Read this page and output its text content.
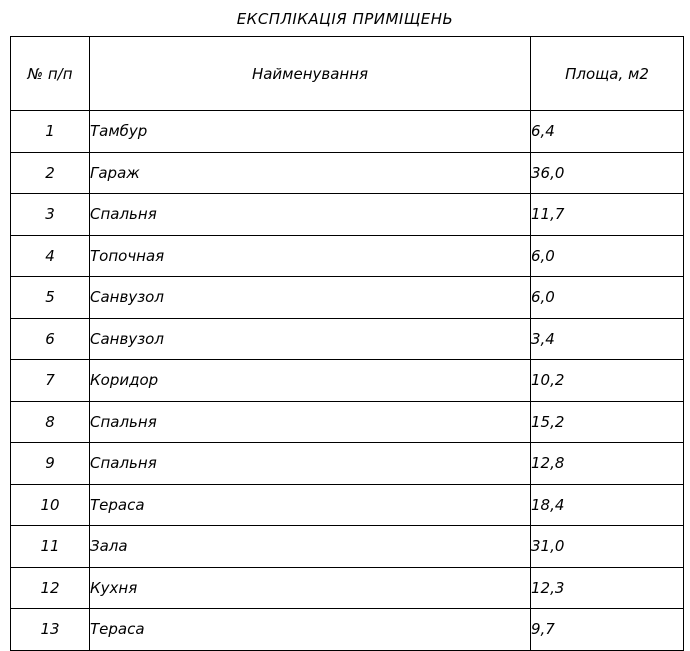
ЕКСПЛІКАЦІЯ ПРИМІЩЕНЬ
№ п/п	Найменування	Площа, м2
1	Тамбур	6,4
2	Гараж	36,0
3	Спальня	11,7
4	Топочная	6,0
5	Санвузол	6,0
6	Санвузол	3,4
7	Коридор	10,2
8	Спальня	15,2
9	Спальня	12,8
10	Тераса	18,4
11	Зала	31,0
12	Кухня	12,3
13	Тераса	9,7
